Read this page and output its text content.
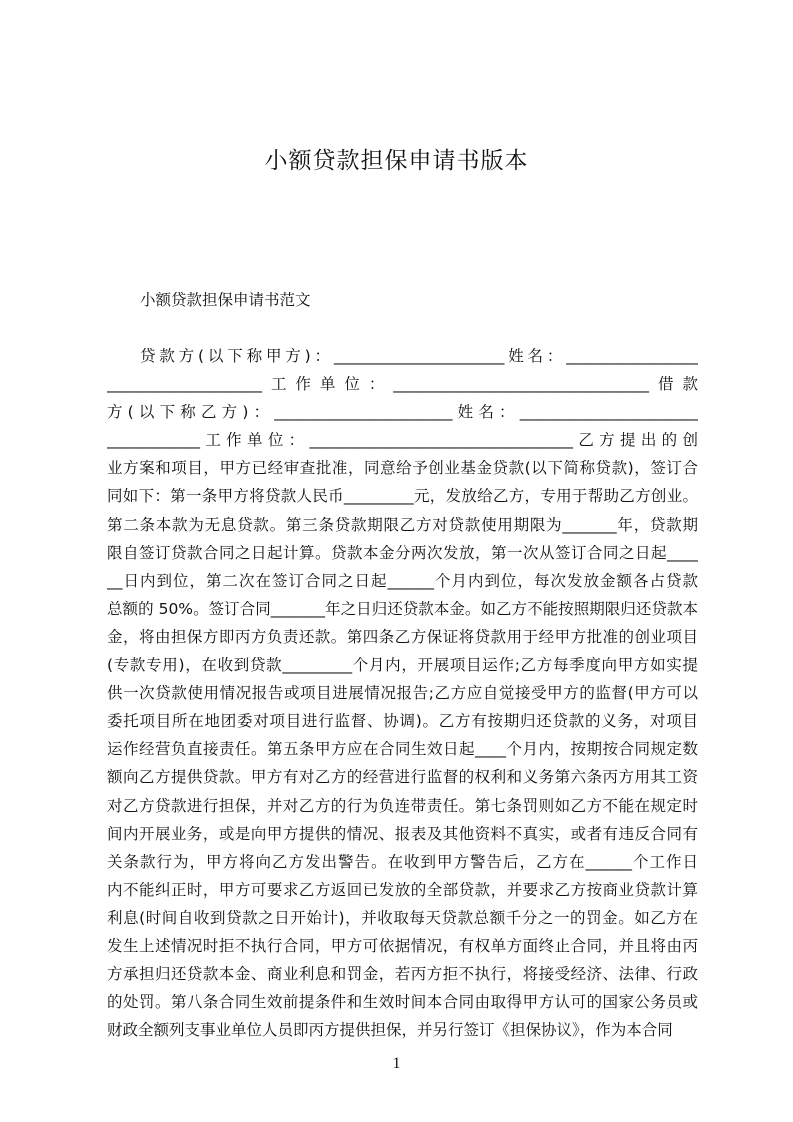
小额贷款担保申请书版本
小额贷款担保申请书范文
贷款方(以下称甲方)：______________________姓名：_________________
____________________工作单位：_________________________________借款
方(以下称乙方)：_______________________姓名：_______________________
____________工作单位：__________________________________乙方提出的创
业方案和项目，甲方已经审查批准，同意给予创业基金贷款(以下简称贷款)，签订合
同如下：第一条甲方将贷款人民币_________元，发放给乙方，专用于帮助乙方创业。
第二条本款为无息贷款。第三条贷款期限乙方对贷款使用期限为_______年，贷款期
限自签订贷款合同之日起计算。贷款本金分两次发放，第一次从签订合同之日起____
__日内到位，第二次在签订合同之日起______个月内到位，每次发放金额各占贷款
总额的 50%。签订合同_______年之日归还贷款本金。如乙方不能按照期限归还贷款本
金，将由担保方即丙方负责还款。第四条乙方保证将贷款用于经甲方批准的创业项目
(专款专用)，在收到贷款_________个月内，开展项目运作;乙方每季度向甲方如实提
供一次贷款使用情况报告或项目进展情况报告;乙方应自觉接受甲方的监督(甲方可以
委托项目所在地团委对项目进行监督、协调)。乙方有按期归还贷款的义务，对项目
运作经营负直接责任。第五条甲方应在合同生效日起____个月内，按期按合同规定数
额向乙方提供贷款。甲方有对乙方的经营进行监督的权利和义务第六条丙方用其工资
对乙方贷款进行担保，并对乙方的行为负连带责任。第七条罚则如乙方不能在规定时
间内开展业务，或是向甲方提供的情况、报表及其他资料不真实，或者有违反合同有
关条款行为，甲方将向乙方发出警告。在收到甲方警告后，乙方在______个工作日
内不能纠正时，甲方可要求乙方返回已发放的全部贷款，并要求乙方按商业贷款计算
利息(时间自收到贷款之日开始计)，并收取每天贷款总额千分之一的罚金。如乙方在
发生上述情况时拒不执行合同，甲方可依据情况，有权单方面终止合同，并且将由丙
方承担归还贷款本金、商业利息和罚金，若丙方拒不执行，将接受经济、法律、行政
的处罚。第八条合同生效前提条件和生效时间本合同由取得甲方认可的国家公务员或
财政全额列支事业单位人员即丙方提供担保，并另行签订《担保协议》，作为本合同
1
